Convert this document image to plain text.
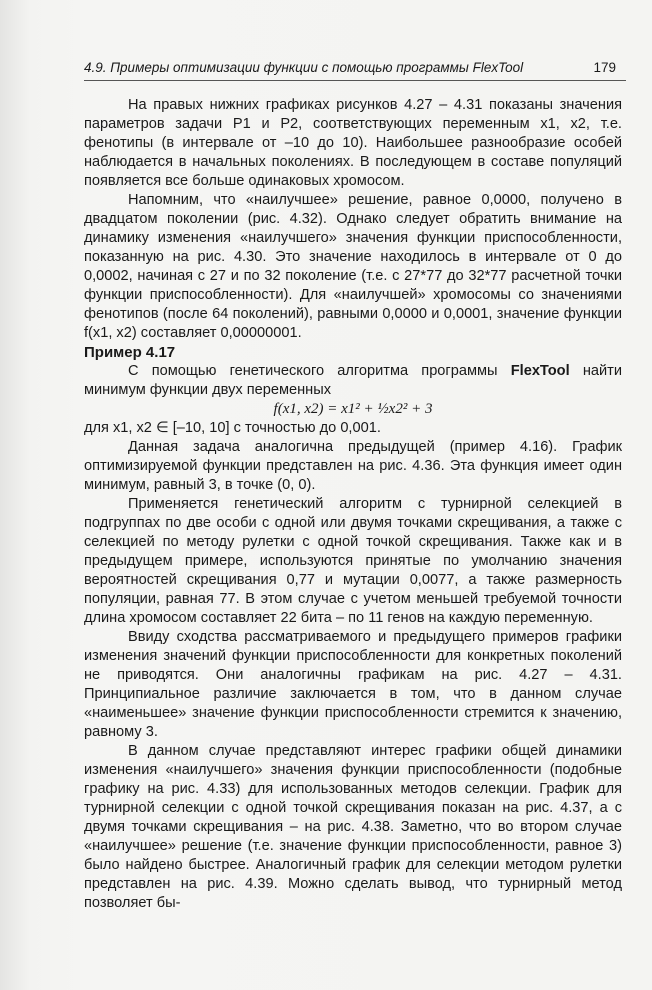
4.9. Примеры оптимизации функции с помощью программы FlexTool	179

На правых нижних графиках рисунков 4.27 – 4.31 показаны значения параметров задачи P1 и P2, соответствующих переменным x1, x2, т.е. фенотипы (в интервале от –10 до 10). Наибольшее разнообразие особей наблюдается в начальных поколениях. В последующем в составе популяций появляется все больше одинаковых хромосом.

Напомним, что «наилучшее» решение, равное 0,0000, получено в двадцатом поколении (рис. 4.32). Однако следует обратить внимание на динамику изменения «наилучшего» значения функции приспособленности, показанную на рис. 4.30. Это значение находилось в интервале от 0 до 0,0002, начиная с 27 и по 32 поколение (т.е. с 27*77 до 32*77 расчетной точки функции приспособленности). Для «наилучшей» хромосомы со значениями фенотипов (после 64 поколений), равными 0,0000 и 0,0001, значение функции f(x1, x2) составляет 0,00000001.

Пример 4.17

С помощью генетического алгоритма программы FlexTool найти минимум функции двух переменных

f(x1, x2) = x1² + ½x2² + 3

для x1, x2 ∈ [–10, 10] с точностью до 0,001.

Данная задача аналогична предыдущей (пример 4.16). График оптимизируемой функции представлен на рис. 4.36. Эта функция имеет один минимум, равный 3, в точке (0, 0).

Применяется генетический алгоритм с турнирной селекцией в подгруппах по две особи с одной или двумя точками скрещивания, а также с селекцией по методу рулетки с одной точкой скрещивания. Также как и в предыдущем примере, используются принятые по умолчанию значения вероятностей скрещивания 0,77 и мутации 0,0077, а также размерность популяции, равная 77. В этом случае с учетом меньшей требуемой точности длина хромосом составляет 22 бита – по 11 генов на каждую переменную.

Ввиду сходства рассматриваемого и предыдущего примеров графики изменения значений функции приспособленности для конкретных поколений не приводятся. Они аналогичны графикам на рис. 4.27 – 4.31. Принципиальное различие заключается в том, что в данном случае «наименьшее» значение функции приспособленности стремится к значению, равному 3.

В данном случае представляют интерес графики общей динамики изменения «наилучшего» значения функции приспособленности (подобные графику на рис. 4.33) для использованных методов селекции. График для турнирной селекции с одной точкой скрещивания показан на рис. 4.37, а с двумя точками скрещивания – на рис. 4.38. Заметно, что во втором случае «наилучшее» решение (т.е. значение функции приспособленности, равное 3) было найдено быстрее. Аналогичный график для селекции методом рулетки представлен на рис. 4.39. Можно сделать вывод, что турнирный метод позволяет бы-
